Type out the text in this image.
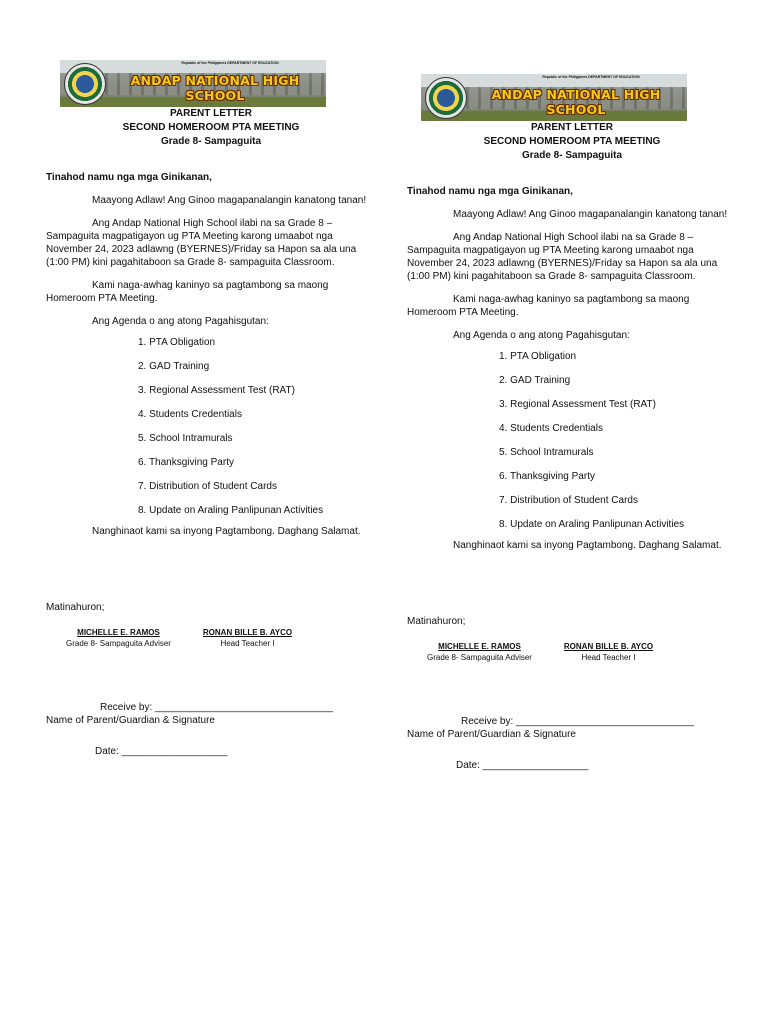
Republic of the Philippines DEPARTMENT OF EDUCATION
ANDAP NATIONAL HIGH SCHOOL
PARENT LETTER
SECOND HOMEROOM PTA MEETING
Grade 8- Sampaguita
Tinahod namu nga mga Ginikanan,

Maayong Adlaw! Ang Ginoo magapanalangin kanatong tanan!

Ang Andap National High School ilabi na sa Grade 8 – Sampaguita magpatigayon ug PTA Meeting karong umaabot nga November 24, 2023 adlawng (BYERNES)/Friday sa Hapon sa ala una (1:00 PM) kini pagahitaboon sa Grade 8- sampaguita Classroom.

Kami naga-awhag kaninyo sa pagtambong sa maong Homeroom PTA Meeting.

Ang Agenda o ang atong Pagahisgutan:

1. PTA Obligation
2. GAD Training
3. Regional Assessment Test (RAT)
4. Students Credentials
5. School Intramurals
6. Thanksgiving Party
7. Distribution of Student Cards
8. Update on Araling Panlipunan Activities

Nanghinaot kami sa inyong Pagtambong. Daghang Salamat.

Matinahuron;
MICHELLE E. RAMOS
Grade 8- Sampaguita Adviser
RONAN BILLE B. AYCO
Head Teacher I
Receive by: ________________________________
Name of Parent/Guardian & Signature
Date: ___________________
Republic of the Philippines DEPARTMENT OF EDUCATION
ANDAP NATIONAL HIGH SCHOOL
PARENT LETTER
SECOND HOMEROOM PTA MEETING
Grade 8- Sampaguita
Tinahod namu nga mga Ginikanan,

Maayong Adlaw! Ang Ginoo magapanalangin kanatong tanan!

Ang Andap National High School ilabi na sa Grade 8 – Sampaguita magpatigayon ug PTA Meeting karong umaabot nga November 24, 2023 adlawng (BYERNES)/Friday sa Hapon sa ala una (1:00 PM) kini pagahitaboon sa Grade 8- sampaguita Classroom.

Kami naga-awhag kaninyo sa pagtambong sa maong Homeroom PTA Meeting.

Ang Agenda o ang atong Pagahisgutan:

1. PTA Obligation
2. GAD Training
3. Regional Assessment Test (RAT)
4. Students Credentials
5. School Intramurals
6. Thanksgiving Party
7. Distribution of Student Cards
8. Update on Araling Panlipunan Activities

Nanghinaot kami sa inyong Pagtambong. Daghang Salamat.

Matinahuron;
MICHELLE E. RAMOS
Grade 8- Sampaguita Adviser
RONAN BILLE B. AYCO
Head Teacher I
Receive by: ________________________________
Name of Parent/Guardian & Signature
Date: ___________________
